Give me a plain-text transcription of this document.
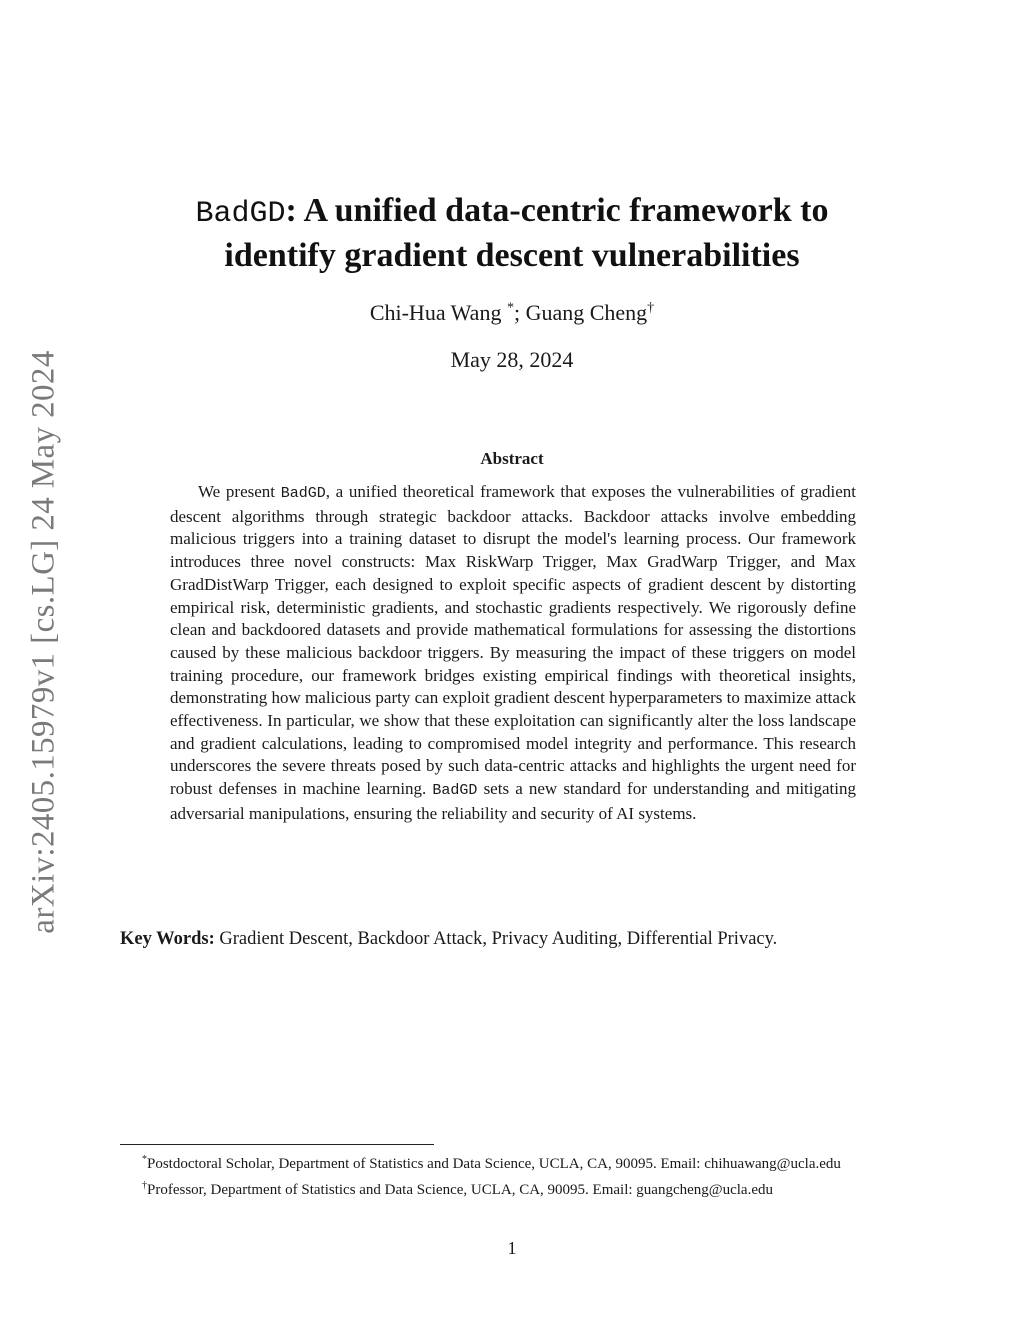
arXiv:2405.15979v1 [cs.LG] 24 May 2024
BadGD: A unified data-centric framework to
identify gradient descent vulnerabilities
Chi-Hua Wang *; Guang Cheng†
May 28, 2024
Abstract

We present BadGD, a unified theoretical framework that exposes the vulnerabilities of gradient descent algorithms through strategic backdoor attacks. Backdoor attacks involve embedding malicious triggers into a training dataset to disrupt the model's learning process. Our framework introduces three novel constructs: Max RiskWarp Trigger, Max GradWarp Trigger, and Max GradDistWarp Trigger, each designed to exploit specific aspects of gradient descent by distorting empirical risk, deterministic gradients, and stochastic gradients respectively. We rigorously define clean and backdoored datasets and provide mathematical formulations for assessing the distortions caused by these malicious backdoor triggers. By measuring the impact of these triggers on model training procedure, our framework bridges existing empirical findings with theoretical insights, demonstrating how malicious party can exploit gradient descent hyperparameters to maximize attack effectiveness. In particular, we show that these exploitation can significantly alter the loss landscape and gradient calculations, leading to compromised model integrity and performance. This research underscores the severe threats posed by such data-centric attacks and highlights the urgent need for robust defenses in machine learning. BadGD sets a new standard for understanding and mitigating adversarial manipulations, ensuring the reliability and security of AI systems.

Key Words: Gradient Descent, Backdoor Attack, Privacy Auditing, Differential Privacy.

*Postdoctoral Scholar, Department of Statistics and Data Science, UCLA, CA, 90095. Email: chihuawang@ucla.edu

†Professor, Department of Statistics and Data Science, UCLA, CA, 90095. Email: guangcheng@ucla.edu

1
